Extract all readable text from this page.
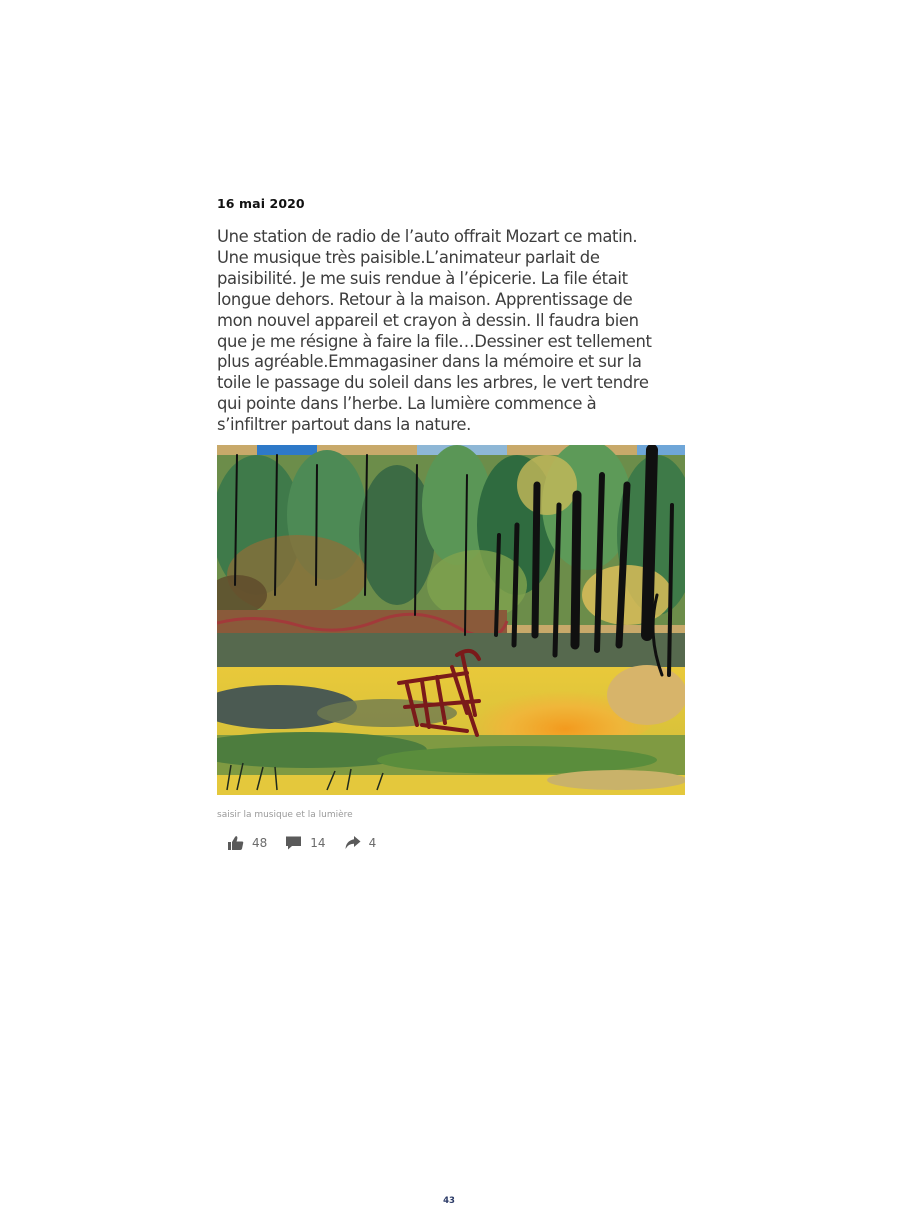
16 mai 2020

Une station de radio de l’auto offrait Mozart ce matin.
Une musique très paisible.L’animateur parlait de
paisibilité. Je me suis rendue à l’épicerie. La file était
longue dehors. Retour à la maison. Apprentissage de
mon nouvel appareil et crayon à dessin. Il faudra bien
que je me résigne à faire la file…Dessiner est tellement
plus agréable.Emmagasiner dans la mémoire et sur la
toile le passage du soleil dans les arbres, le vert tendre
qui pointe dans l’herbe. La lumière commence à
s’infiltrer partout dans la nature.

saisir la musique et la lumière
48	14	4
43
